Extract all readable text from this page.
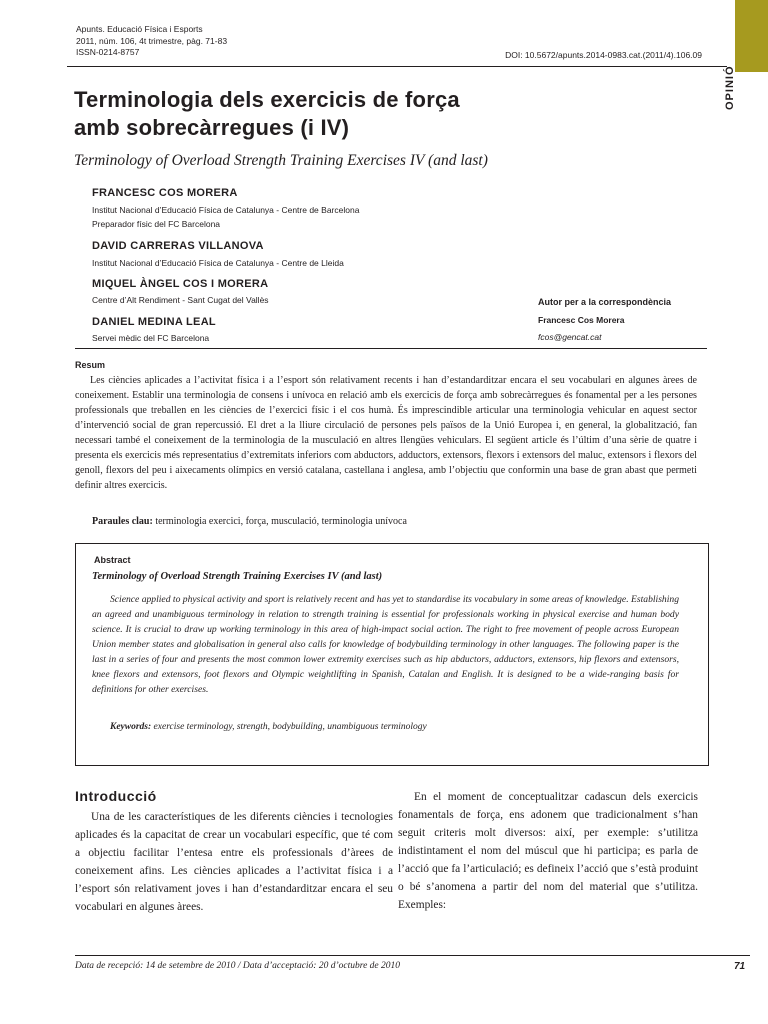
OPINIÓ
Apunts. Educació Física i Esports
2011, núm. 106, 4t trimestre, pàg. 71-83
ISSN-0214-8757	DOI: 10.5672/apunts.2014-0983.cat.(2011/4).106.09
Terminologia dels exercicis de força
amb sobrecàrregues (i IV)
Terminology of Overload Strength Training Exercises IV (and last)
FRANCESC COS MORERA
Institut Nacional d’Educació Física de Catalunya - Centre de Barcelona
Preparador físic del FC Barcelona
DAVID CARRERAS VILLANOVA
Institut Nacional d’Educació Física de Catalunya - Centre de Lleida
MIQUEL ÀNGEL COS I MORERA
Centre d’Alt Rendiment - Sant Cugat del Vallès
DANIEL MEDINA LEAL
Servei mèdic del FC Barcelona
Autor per a la correspondència
Francesc Cos Morera
fcos@gencat.cat
Resum
Les ciències aplicades a l’activitat física i a l’esport són relativament recents i han d’estandarditzar encara el seu vocabulari en algunes àrees de coneixement. Establir una terminologia de consens i unívoca en relació amb els exercicis de força amb sobrecàrregues és fonamental per a les persones professionals que treballen en les ciències de l’exercici físic i el cos humà. És imprescindible articular una terminologia vehicular en aquest sector d’intervenció social de gran repercussió. El dret a la lliure circulació de persones pels països de la Unió Europea i, en general, la globalització, fan necessari també el coneixement de la terminologia de la musculació en altres llengües vehiculars. El següent article és l’últim d’una sèrie de quatre i presenta els exercicis més representatius d’extremitats inferiors com abductors, adductors, extensors, flexors i extensors del maluc, extensors i flexors del genoll, flexors del peu i aixecaments olímpics en versió catalana, castellana i anglesa, amb l’objectiu que conformin una base de gran abast que permeti definir altres exercicis.
Paraules clau: terminologia exercici, força, musculació, terminologia unívoca
Abstract
Terminology of Overload Strength Training Exercises IV (and last)
Science applied to physical activity and sport is relatively recent and has yet to standardise its vocabulary in some areas of knowledge. Establishing an agreed and unambiguous terminology in relation to strength training is essential for professionals working in physical exercise and human body science. It is crucial to draw up working terminology in this area of high-impact social action. The right to free movement of people across European Union member states and globalisation in general also calls for knowledge of bodybuilding terminology in other languages. The following paper is the last in a series of four and presents the most common lower extremity exercises such as hip abductors, adductors, extensors, hip flexors and extensors, knee flexors and extensors, foot flexors and Olympic weightlifting in Spanish, Catalan and English. It is designed to be a wide-ranging basis for definitions for other exercises.
Keywords: exercise terminology, strength, bodybuilding, unambiguous terminology
Introducció
Una de les característiques de les diferents ciències i tecnologies aplicades és la capacitat de crear un vocabulari específic, que té com a objectiu facilitar l’entesa entre els professionals d’àrees de coneixement afins. Les ciències aplicades a l’activitat física i a l’esport són relativament joves i han d’estandarditzar encara el seu vocabulari en algunes àrees.
En el moment de conceptualitzar cadascun dels exercicis fonamentals de força, ens adonem que tradicionalment s’han seguit criteris molt diversos: així, per exemple: s’utilitza indistintament el nom del múscul que hi participa; es parla de l’acció que fa l’articulació; es defineix l’acció que s’està produint o bé s’anomena a partir del nom del material que s’utilitza. Exemples:
Data de recepció: 14 de setembre de 2010 / Data d’acceptació: 20 d’octubre de 2010	71
